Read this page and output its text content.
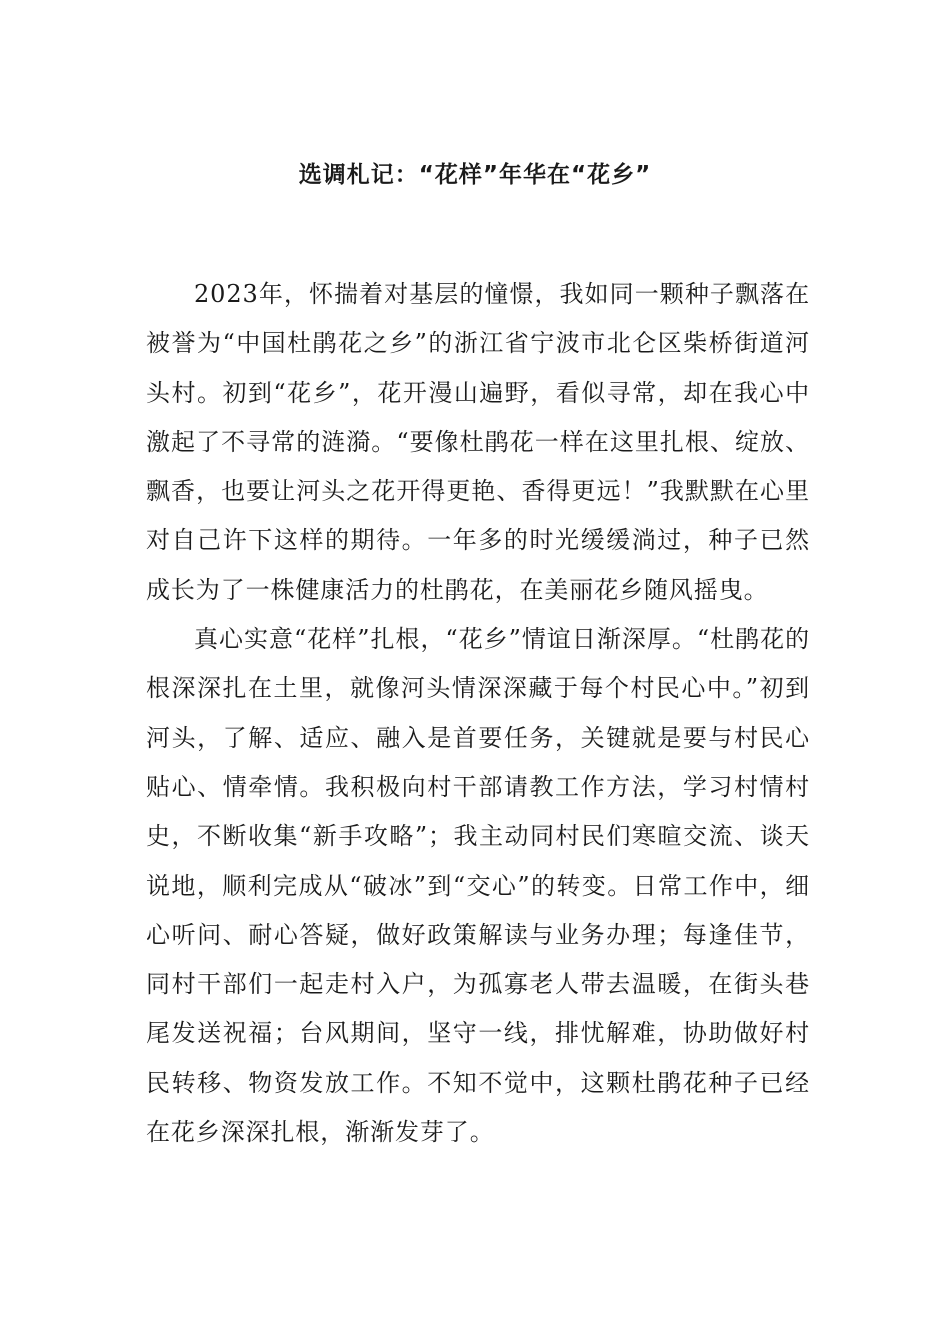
选调札记：“花样”年华在“花乡”

2023年，怀揣着对基层的憧憬，我如同一颗种子飘落在被誉为“中国杜鹃花之乡”的浙江省宁波市北仑区柴桥街道河头村。初到“花乡”，花开漫山遍野，看似寻常，却在我心中激起了不寻常的涟漪。“要像杜鹃花一样在这里扎根、绽放、飘香，也要让河头之花开得更艳、香得更远！”我默默在心里对自己许下这样的期待。一年多的时光缓缓淌过，种子已然成长为了一株健康活力的杜鹃花，在美丽花乡随风摇曳。

真心实意“花样”扎根，“花乡”情谊日渐深厚。“杜鹃花的根深深扎在土里，就像河头情深深藏于每个村民心中。”初到河头，了解、适应、融入是首要任务，关键就是要与村民心贴心、情牵情。我积极向村干部请教工作方法，学习村情村史，不断收集“新手攻略”；我主动同村民们寒暄交流、谈天说地，顺利完成从“破冰”到“交心”的转变。日常工作中，细心听问、耐心答疑，做好政策解读与业务办理；每逢佳节，同村干部们一起走村入户，为孤寡老人带去温暖，在街头巷尾发送祝福；台风期间，坚守一线，排忧解难，协助做好村民转移、物资发放工作。不知不觉中，这颗杜鹃花种子已经在花乡深深扎根，渐渐发芽了。
